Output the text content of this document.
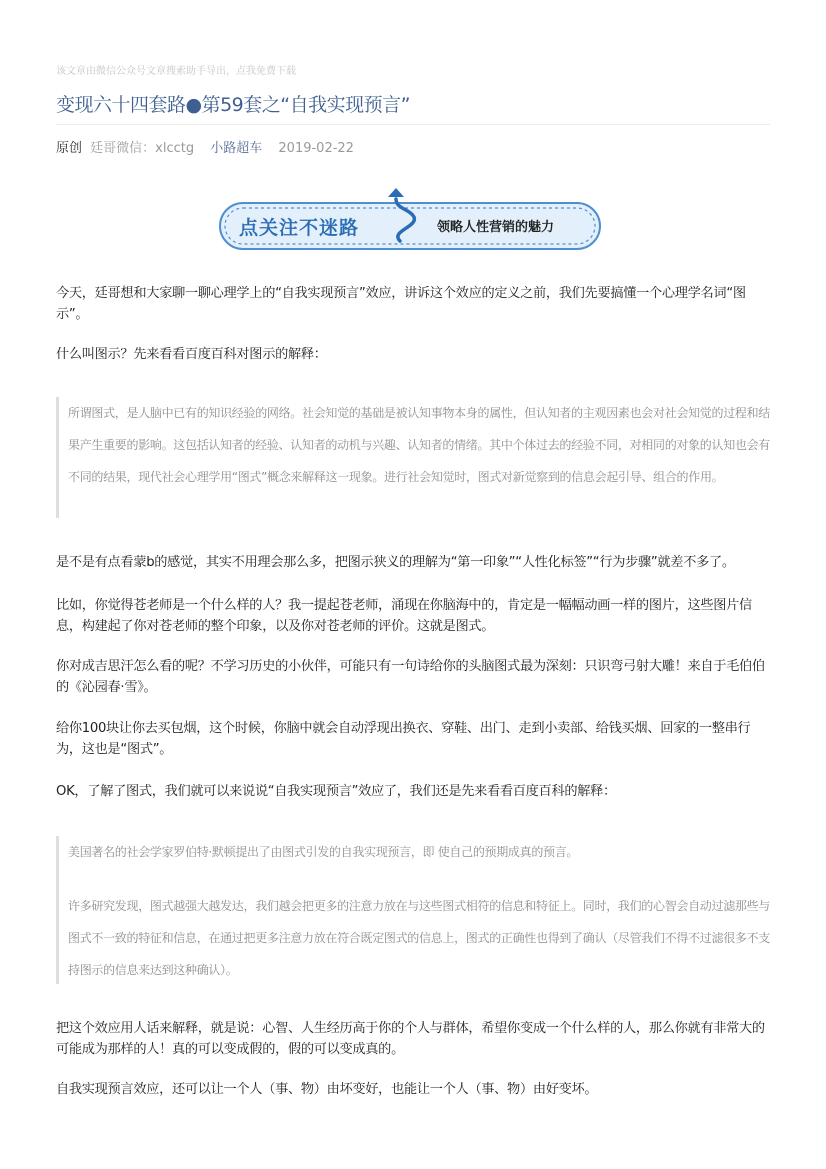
该文章由微信公众号文章搜索助手导出，点我免费下载
变现六十四套路●第59套之“自我实现预言”
原创 廷哥微信：xlcctg 小路超车 2019-02-22
点关注不迷路	领略人性营销的魅力

今天，廷哥想和大家聊一聊心理学上的“自我实现预言”效应，讲诉这个效应的定义之前，我们先要搞懂一个心理学名词“图示”。

什么叫图示？先来看看百度百科对图示的解释：

所谓图式，是人脑中已有的知识经验的网络。社会知觉的基础是被认知事物本身的属性，但认知者的主观因素也会对社会知觉的过程和结果产生重要的影响。这包括认知者的经验、认知者的动机与兴趣、认知者的情绪。其中个体过去的经验不同，对相同的对象的认知也会有不同的结果，现代社会心理学用“图式”概念来解释这一现象。进行社会知觉时，图式对新觉察到的信息会起引导、组合的作用。

是不是有点看蒙b的感觉，其实不用理会那么多，把图示狭义的理解为“第一印象”“人性化标签”“行为步骤”就差不多了。

比如，你觉得苍老师是一个什么样的人？我一提起苍老师，涌现在你脑海中的，肯定是一幅幅动画一样的图片，这些图片信息，构建起了你对苍老师的整个印象，以及你对苍老师的评价。这就是图式。

你对成吉思汗怎么看的呢？不学习历史的小伙伴，可能只有一句诗给你的头脑图式最为深刻：只识弯弓射大雕！来自于毛伯伯的《沁园春·雪》。

给你100块让你去买包烟，这个时候，你脑中就会自动浮现出换衣、穿鞋、出门、走到小卖部、给钱买烟、回家的一整串行为，这也是“图式”。

OK，了解了图式，我们就可以来说说“自我实现预言”效应了，我们还是先来看看百度百科的解释：

美国著名的社会学家罗伯特·默顿提出了由图式引发的自我实现预言，即 使自己的预期成真的预言。

许多研究发现，图式越强大越发达，我们越会把更多的注意力放在与这些图式相符的信息和特征上。同时，我们的心智会自动过滤那些与图式不一致的特征和信息，在通过把更多注意力放在符合既定图式的信息上，图式的正确性也得到了确认（尽管我们不得不过滤很多不支持图示的信息来达到这种确认）。

把这个效应用人话来解释，就是说：心智、人生经历高于你的个人与群体，希望你变成一个什么样的人，那么你就有非常大的可能成为那样的人！真的可以变成假的，假的可以变成真的。

自我实现预言效应，还可以让一个人（事、物）由坏变好，也能让一个人（事、物）由好变坏。
